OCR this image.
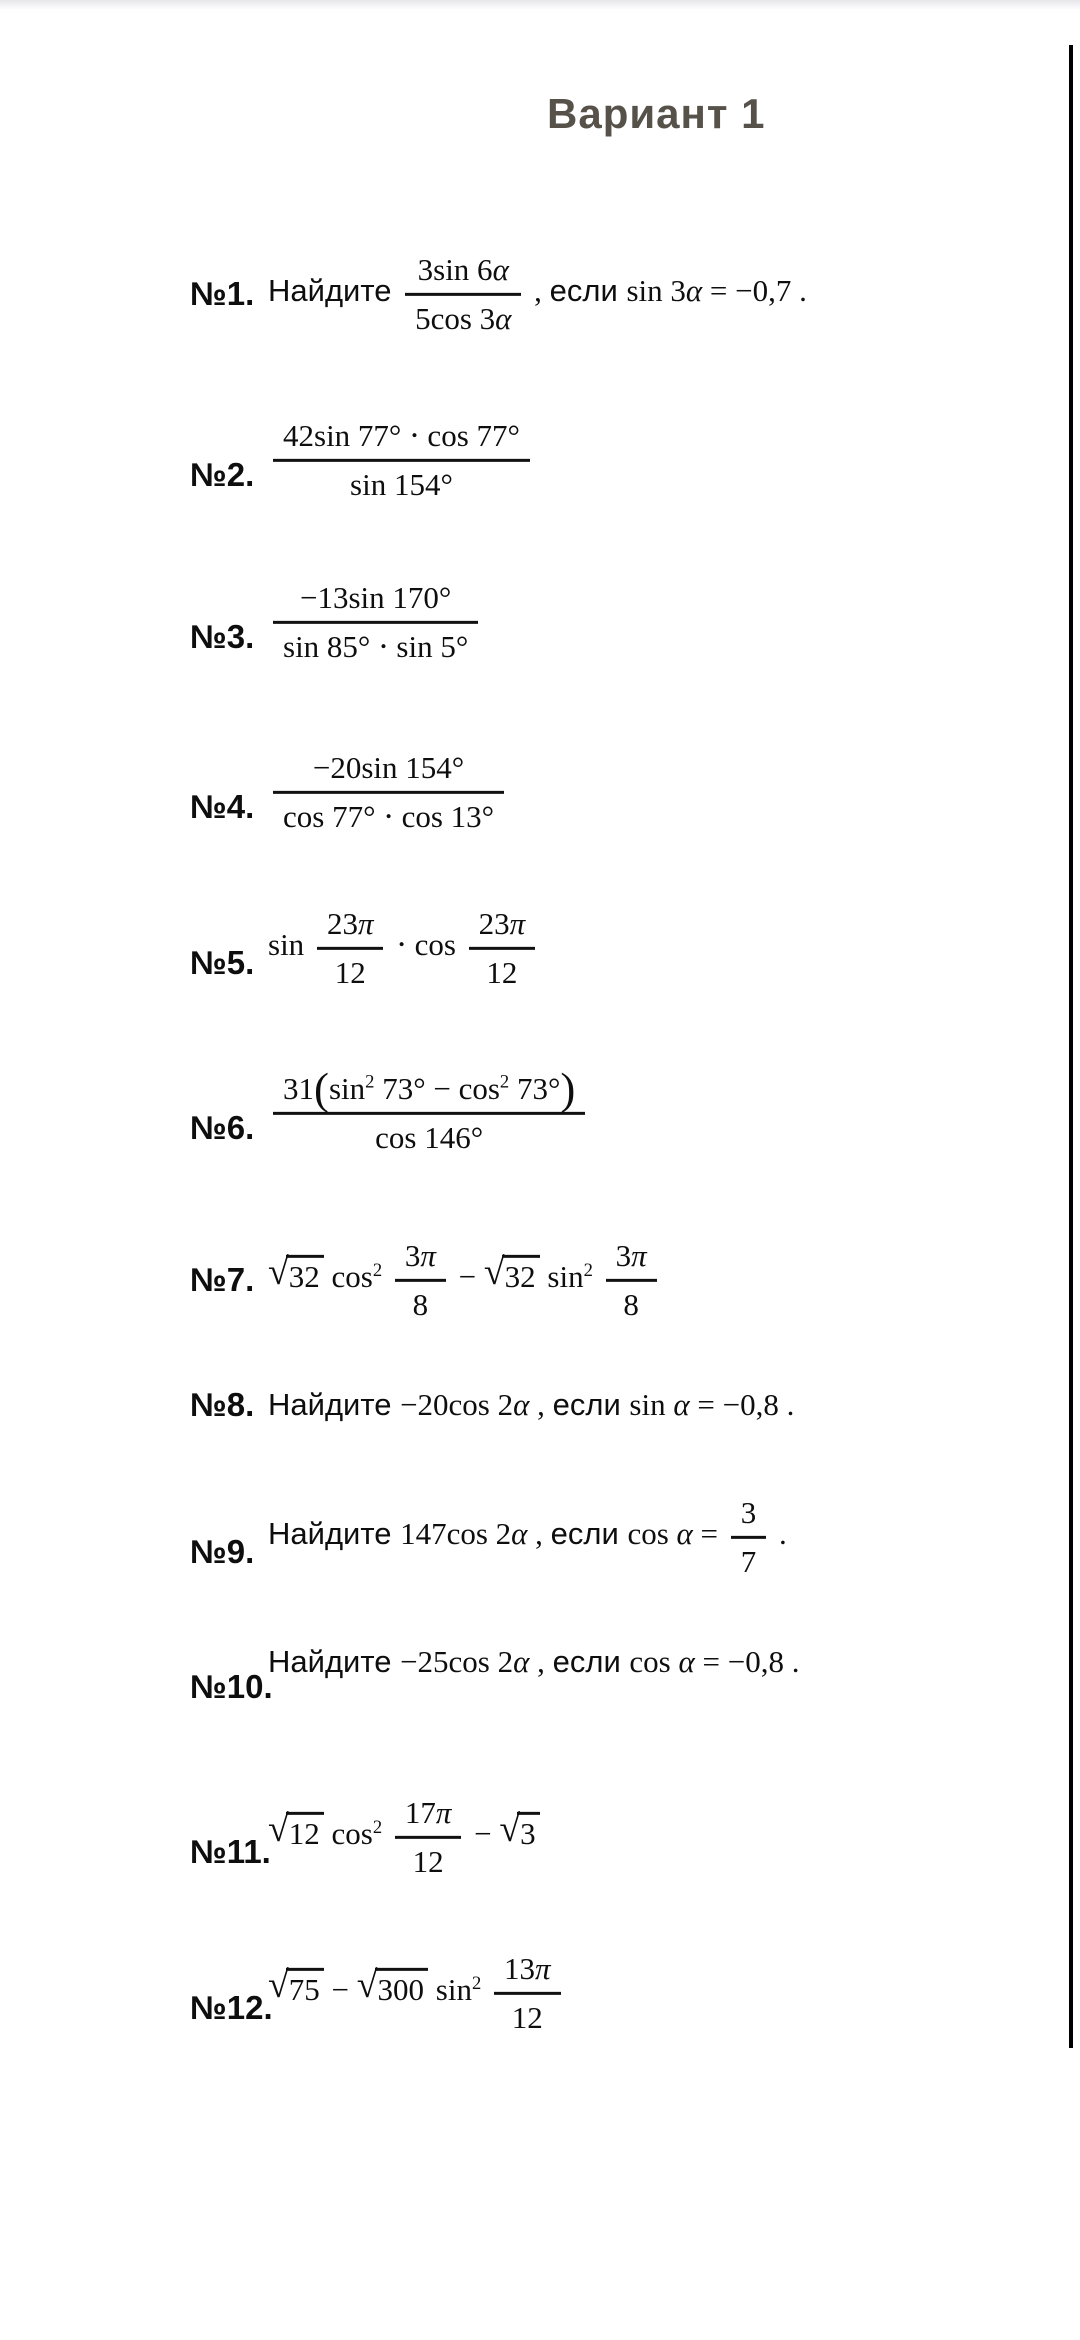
Вариант 1
№1. Найдите $\frac{3\sin 6\alpha}{5\cos 3\alpha}$ , если sin 3α = −0,7 .
№2. $\frac{42\sin 77^\circ \cdot \cos 77^\circ}{\sin 154^\circ}$
№3. $\frac{-13\sin 170^\circ}{\sin 85^\circ \cdot \sin 5^\circ}$
№4. $\frac{-20\sin 154^\circ}{\cos 77^\circ \cdot \cos 13^\circ}$
№5. $\sin \frac{23\pi}{12} \cdot \cos \frac{23\pi}{12}$
№6. $\frac{31(\sin^2 73^\circ - \cos^2 73^\circ)}{\cos 146^\circ}$
№7. √32 $\cos^2 \frac{3\pi}{8} - √32$ $\sin^2 \frac{3\pi}{8}$
№8. Найдите −20cos 2α , если sin α = −0,8 .
№9. Найдите 147cos 2α , если $\cos \alpha = \frac{3}{7}$ .
№10.
Найдите −25cos 2α , если cos α = −0,8 .
№11.
√12 $\cos^2 \frac{17\pi}{12} - √3$
№12.
√75 − √300 $\sin^2 \frac{13\pi}{12}$
